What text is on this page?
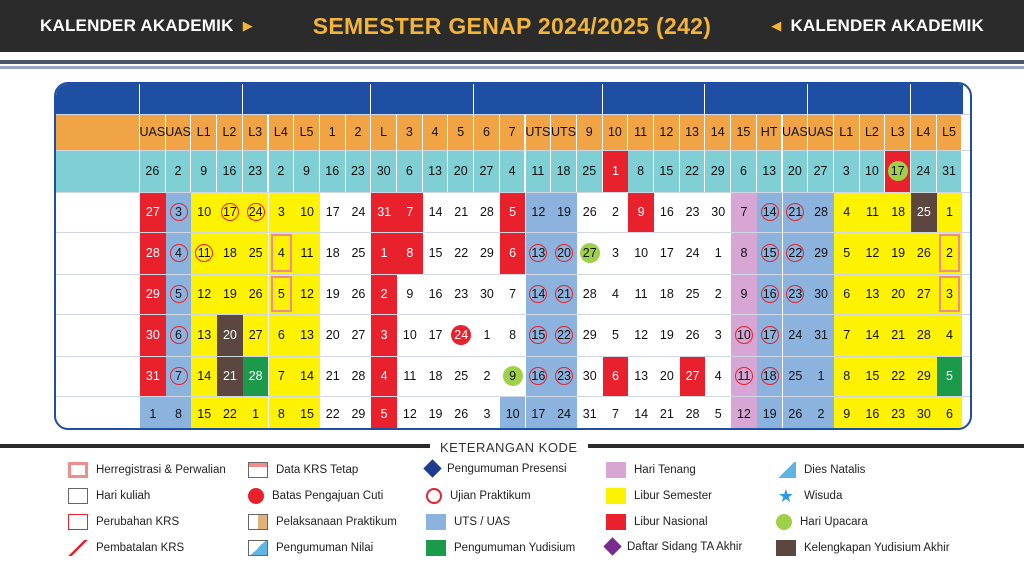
KALENDER AKADEMIK ▶	SEMESTER GENAP 2024/2025 (242)	◀ KALENDER AKADEMIK
UAS UAS L1 L2 L3 L4 L5	1	2	L	3	4	5	6	7 UTS UTS 9	10 11 12 13 14 15 HT UAS UAS L1 L2 L3 L4 L5
26	2	9	16 23	2	9	16 23 30	6	13 20 27	4	11 18 25	1	8	15 22 29	6	13 20 27	3	10 17 24 31
27	3	10 17 24	3	10 17 24 31	7	14 21 28	5	12 19 26	2	9	16 23 30	7	14 21 28	4	11 18 25	1
28	4	11 18 25	4	11 18 25	1	8	15 22 29	6	13 20 27	3	10 17 24	1	8	15 22 29	5	12 19 26	2
29	5	12 19 26	5	12 19 26	2	9	16 23 30	7	14 21 28	4	11 18 25	2	9	16 23 30	6	13 20 27	3
30	6	13 20 27	6	13 20 27	3	10 17 24	1	8	15 22 29	5	12 19 26	3	10 17 24 31	7	14 21 28	4
31	7	14 21 28	7	14 21 28	4	11 18 25	2	9	16 23 30	6	13 20 27	4	11 18 25	1	8	15 22 29	5
1	8	15 22	1	8	15 22 29	5	12 19 26	3	10 17 24 31	7	14 21 28	5	12 19 26	2	9	16 23 30	6
KETERANGAN KODE
Herregistrasi & Perwalian
Hari kuliah
Perubahan KRS
Pembatalan KRS
Data KRS Tetap
Batas Pengajuan Cuti
Pelaksanaan Praktikum
Pengumuman Nilai
Pengumuman Presensi
Ujian Praktikum
UTS / UAS
Pengumuman Yudisium
Hari Tenang
Libur Semester
Libur Nasional
Daftar Sidang TA Akhir
Dies Natalis
★ Wisuda
Hari Upacara
Kelengkapan Yudisium Akhir
